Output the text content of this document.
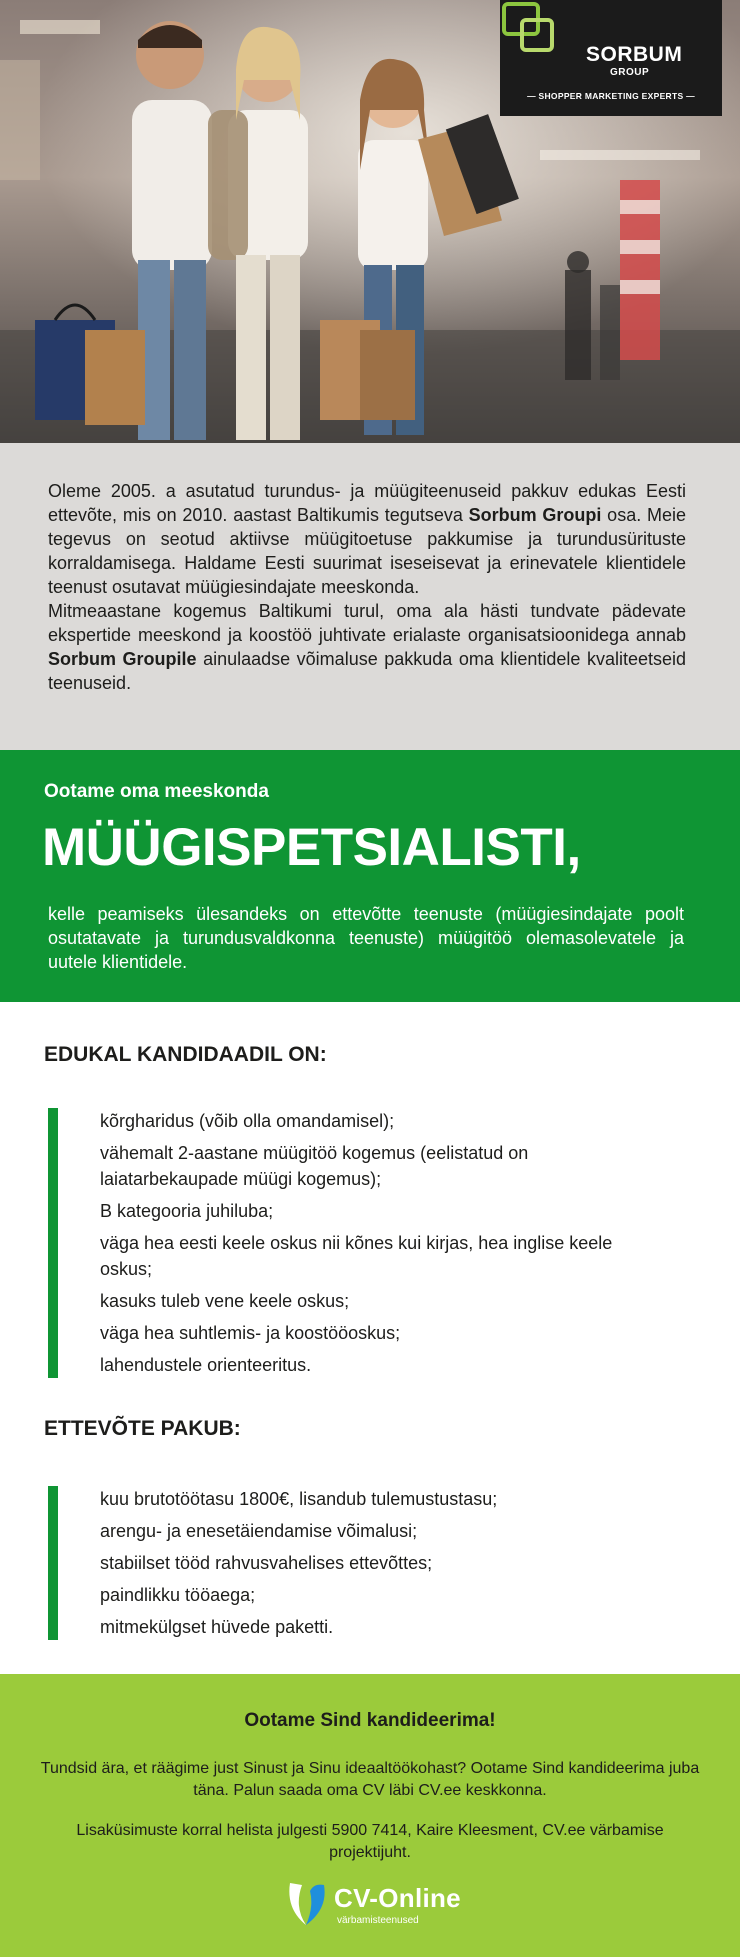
SORBUM
GROUP
— SHOPPER MARKETING EXPERTS —

Oleme 2005. a asutatud turundus- ja müügiteenuseid pakkuv edukas Eesti ettevõte, mis on 2010. aastast Baltikumis tegutseva Sorbum Groupi osa. Meie tegevus on seotud aktiivse müügitoetuse pakkumise ja turundusürituste korraldamisega. Haldame Eesti suurimat iseseisevat ja erinevatele klientidele teenust osutavat müügiesindajate meeskonda.

Mitmeaastane kogemus Baltikumi turul, oma ala hästi tundvate pädevate ekspertide meeskond ja koostöö juhtivate erialaste organisatsioonidega annab Sorbum Groupile ainulaadse võimaluse pakkuda oma klientidele kvaliteetseid teenuseid.

Ootame oma meeskonda

MÜÜGISPETSIALISTI,

kelle peamiseks ülesandeks on ettevõtte teenuste (müügiesindajate poolt osutatavate ja turundusvaldkonna teenuste) müügitöö olemasolevatele ja uutele klientidele.

EDUKAL KANDIDAADIL ON:
kõrgharidus (võib olla omandamisel);
vähemalt 2-aastane müügitöö kogemus (eelistatud on laiatarbekaupade müügi kogemus);
B kategooria juhiluba;
väga hea eesti keele oskus nii kõnes kui kirjas, hea inglise keele oskus;
kasuks tuleb vene keele oskus;
väga hea suhtlemis- ja koostööoskus;
lahendustele orienteeritus.
ETTEVÕTE PAKUB:
kuu brutotöötasu 1800€, lisandub tulemustustasu;
arengu- ja enesetäiendamise võimalusi;
stabiilset tööd rahvusvahelises ettevõttes;
paindlikku tööaega;
mitmekülgset hüvede paketti.

Ootame Sind kandideerima!

Tundsid ära, et räägime just Sinust ja Sinu ideaaltöökohast? Ootame Sind kandideerima juba täna. Palun saada oma CV läbi CV.ee keskkonna.

Lisaküsimuste korral helista julgesti 5900 7414, Kaire Kleesment, CV.ee värbamise projektijuht.

CV-Online
värbamisteenused
